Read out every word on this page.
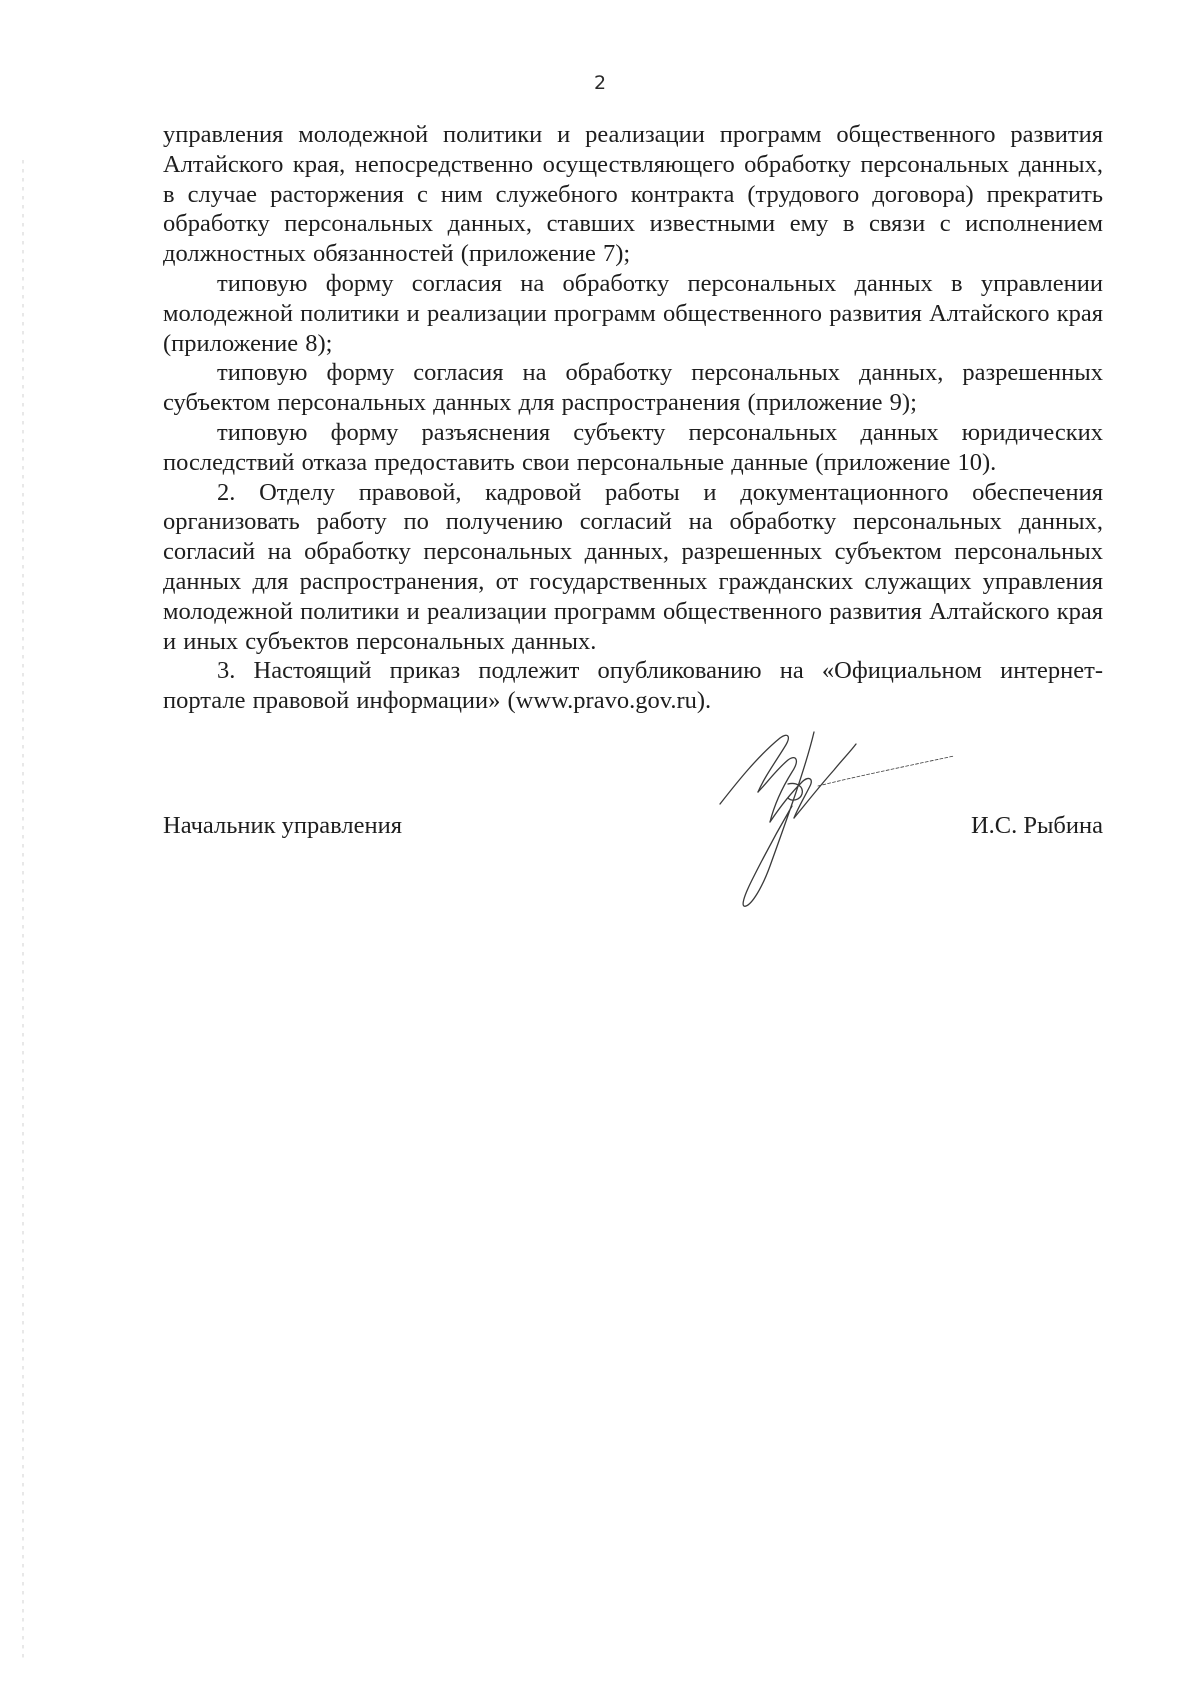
2

управления молодежной политики и реализации программ общественного развития Алтайского края, непосредственно осуществляющего обработку персональных данных, в случае расторжения с ним служебного контракта (трудового договора) прекратить обработку персональных данных, ставших известными ему в связи с исполнением должностных обязанностей (приложение 7);

типовую форму согласия на обработку персональных данных в управлении молодежной политики и реализации программ общественного развития Алтайского края (приложение 8);

типовую форму согласия на обработку персональных данных, разрешенных субъектом персональных данных для распространения (приложение 9);

типовую форму разъяснения субъекту персональных данных юридических последствий отказа предоставить свои персональные данные (приложение 10).

2. Отделу правовой, кадровой работы и документационного обеспечения организовать работу по получению согласий на обработку персональных данных, согласий на обработку персональных данных, разрешенных субъектом персональных данных для распространения, от государственных гражданских служащих управления молодежной политики и реализации программ общественного развития Алтайского края и иных субъектов персональных данных.

3. Настоящий приказ подлежит опубликованию на «Официальном интернет-портале правовой информации» (www.pravo.gov.ru).

Начальник управления	И.С. Рыбина
